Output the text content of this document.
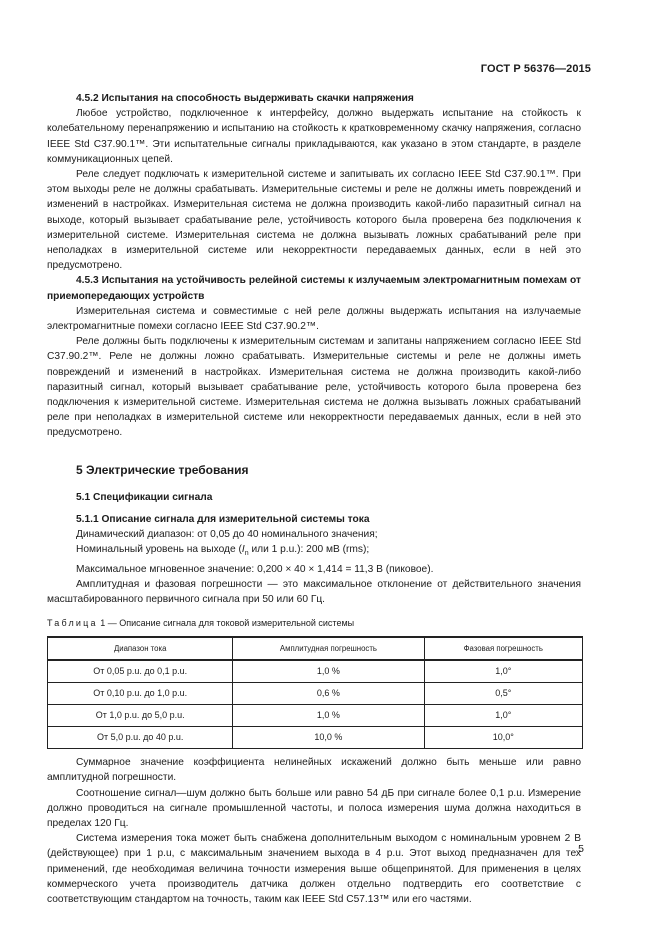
ГОСТ Р 56376—2015

4.5.2 Испытания на способность выдерживать скачки напряжения

Любое устройство, подключенное к интерфейсу, должно выдержать испытание на стойкость к колебательному перенапряжению и испытанию на стойкость к кратковременному скачку напряжения, согласно IEEE Std C37.90.1™. Эти испытательные сигналы прикладываются, как указано в этом стандарте, в разделе коммуникационных цепей.

Реле следует подключать к измерительной системе и запитывать их согласно IEEE Std C37.90.1™. При этом выходы реле не должны срабатывать. Измерительные системы и реле не должны иметь повреждений и изменений в настройках. Измерительная система не должна производить какой-либо паразитный сигнал на выходе, который вызывает срабатывание реле, устойчивость которого была проверена без подключения к измерительной системе. Измерительная система не должна вызывать ложных срабатываний реле при неполадках в измерительной системе или некорректности передаваемых данных, если в ней это предусмотрено.

4.5.3 Испытания на устойчивость релейной системы к излучаемым электромагнитным помехам от приемопередающих устройств

Измерительная система и совместимые с ней реле должны выдержать испытания на излучаемые электромагнитные помехи согласно IEEE Std C37.90.2™.

Реле должны быть подключены к измерительным системам и запитаны напряжением согласно IEEE Std C37.90.2™. Реле не должны ложно срабатывать. Измерительные системы и реле не должны иметь повреждений и изменений в настройках. Измерительная система не должна производить какой-либо паразитный сигнал, который вызывает срабатывание реле, устойчивость которого была проверена без подключения к измерительной системе. Измерительная система не должна вызывать ложных срабатываний реле при неполадках в измерительной системе или некорректности передаваемых данных, если в ней это предусмотрено.

5 Электрические требования

5.1 Спецификации сигнала

5.1.1 Описание сигнала для измерительной системы тока

Динамический диапазон: от 0,05 до 40 номинального значения;

Номинальный уровень на выходе ($I_n$ или 1 p.u.): 200 мВ (rms);

Максимальное мгновенное значение: 0,200 × 40 × 1,414 = 11,3 В (пиковое).

Амплитудная и фазовая погрешности — это максимальное отклонение от действительного значения масштабированного первичного сигнала при 50 или 60 Гц.

Таблица 1 — Описание сигнала для токовой измерительной системы

Диапазон тока	Амплитудная погрешность	Фазовая погрешность
От 0,05 p.u. до 0,1 p.u.	1,0 %	1,0°
От 0,10 p.u. до 1,0 p.u.	0,6 %	0,5°
От 1,0 p.u. до 5,0 p.u.	1,0 %	1,0°
От 5,0 p.u. до 40 p.u.	10,0 %	10,0°

Суммарное значение коэффициента нелинейных искажений должно быть меньше или равно амплитудной погрешности.

Соотношение сигнал—шум должно быть больше или равно 54 дБ при сигнале более 0,1 p.u. Измерение должно проводиться на сигнале промышленной частоты, и полоса измерения шума должна находиться в пределах 120 Гц.

Система измерения тока может быть снабжена дополнительным выходом с номинальным уровнем 2 В (действующее) при 1 p.u, с максимальным значением выхода в 4 p.u. Этот выход предназначен для тех применений, где необходимая величина точности измерения выше общепринятой. Для применения в целях коммерческого учета производитель датчика должен отдельно подтвердить его соответствие с соответствующим стандартом на точность, таким как IEEE Std C57.13™ или его частями.

5
